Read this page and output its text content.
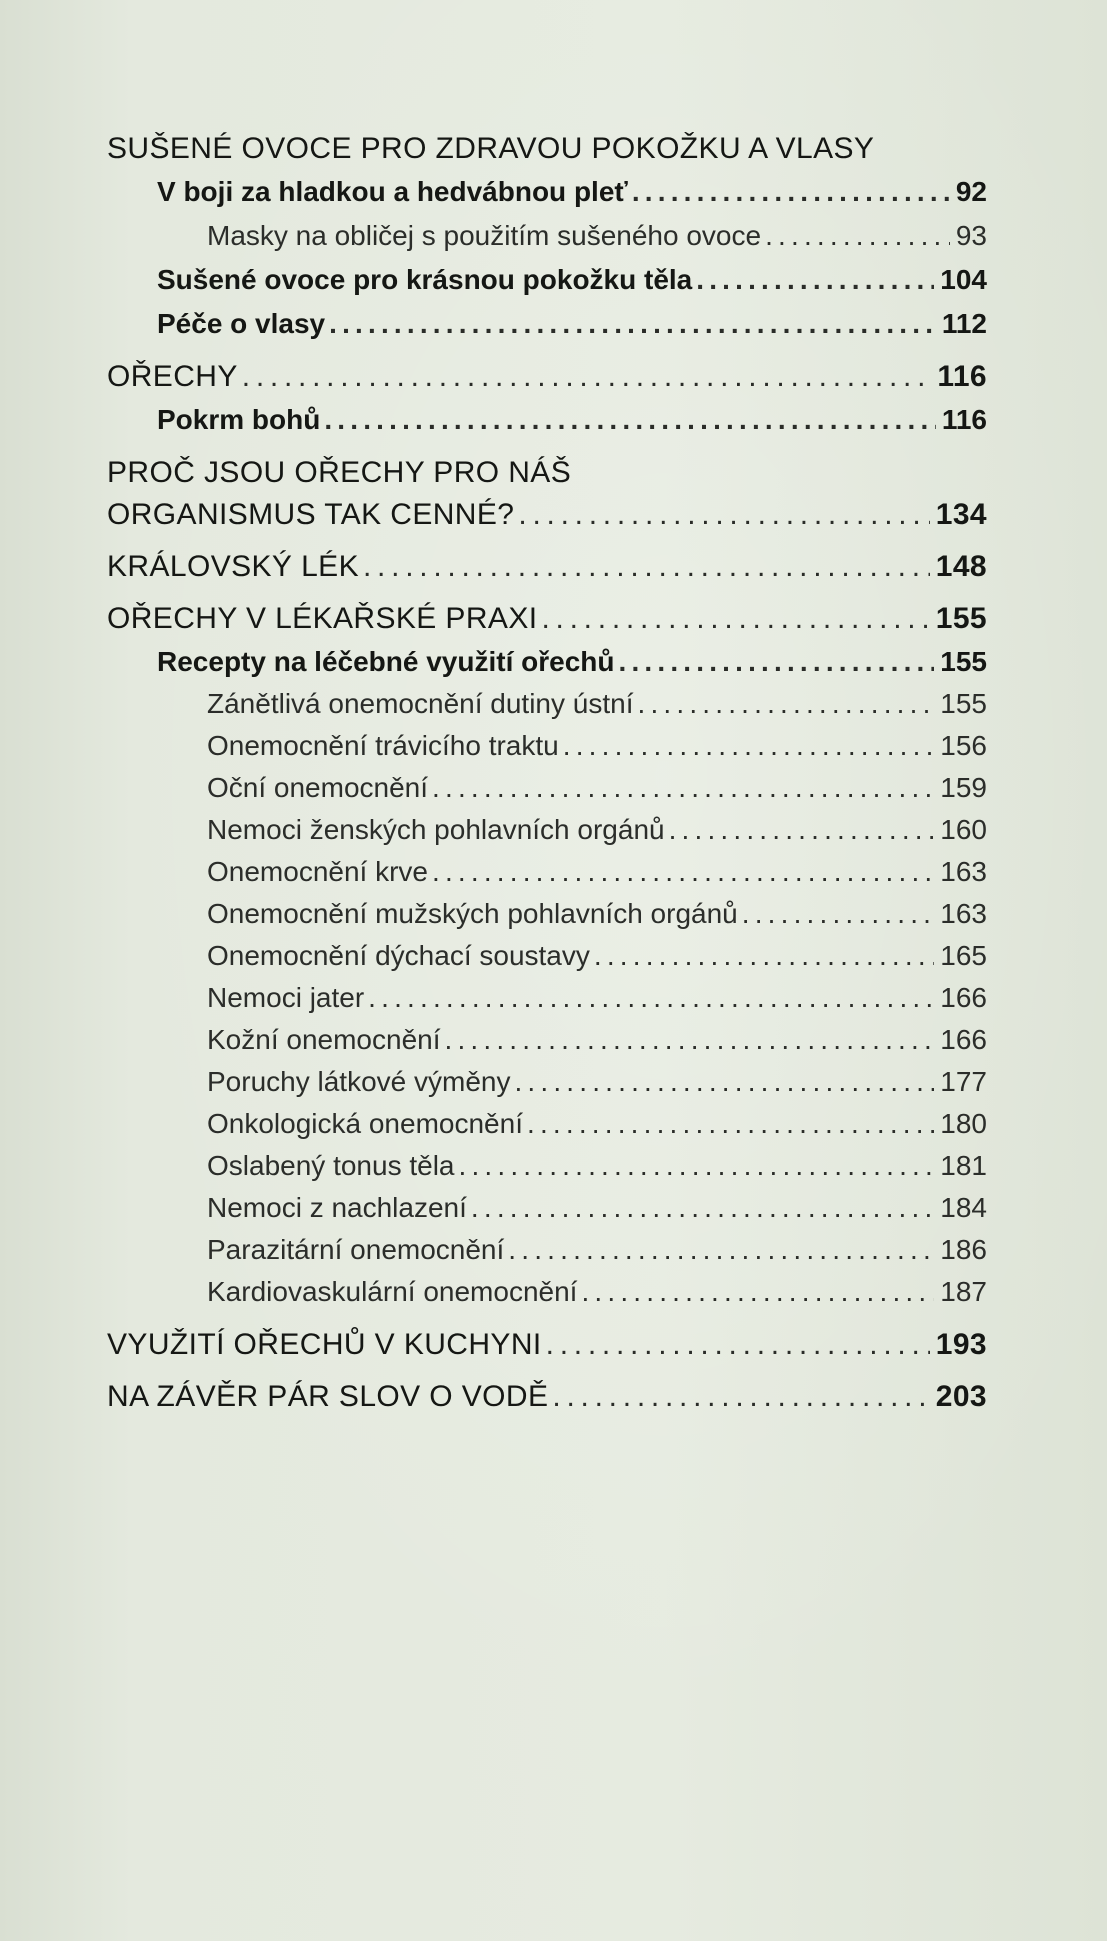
SUŠENÉ OVOCE PRO ZDRAVOU POKOŽKU A VLASY
V boji za hladkou a hedvábnou pleť . . .	92
Masky na obličej s použitím sušeného ovoce . . .	93
Sušené ovoce pro krásnou pokožku těla . . .	104
Péče o vlasy . . .	112
OŘECHY . . .	116
Pokrm bohů . . .	116
PROČ JSOU OŘECHY PRO NÁŠ
ORGANISMUS TAK CENNÉ? . . .	134
KRÁLOVSKÝ LÉK . . .	148
OŘECHY V LÉKAŘSKÉ PRAXI . . .	155
Recepty na léčebné využití ořechů . . .	155
Zánětlivá onemocnění dutiny ústní . . .	155
Onemocnění trávicího traktu . . .	156
Oční onemocnění . . .	159
Nemoci ženských pohlavních orgánů . . .	160
Onemocnění krve . . .	163
Onemocnění mužských pohlavních orgánů . . .	163
Onemocnění dýchací soustavy . . .	165
Nemoci jater . . .	166
Kožní onemocnění . . .	166
Poruchy látkové výměny . . .	177
Onkologická onemocnění . . .	180
Oslabený tonus těla . . .	181
Nemoci z nachlazení . . .	184
Parazitární onemocnění . . .	186
Kardiovaskulární onemocnění . . .	187
VYUŽITÍ OŘECHŮ V KUCHYNI . . .	193
NA ZÁVĚR PÁR SLOV O VODĚ . . .	203
